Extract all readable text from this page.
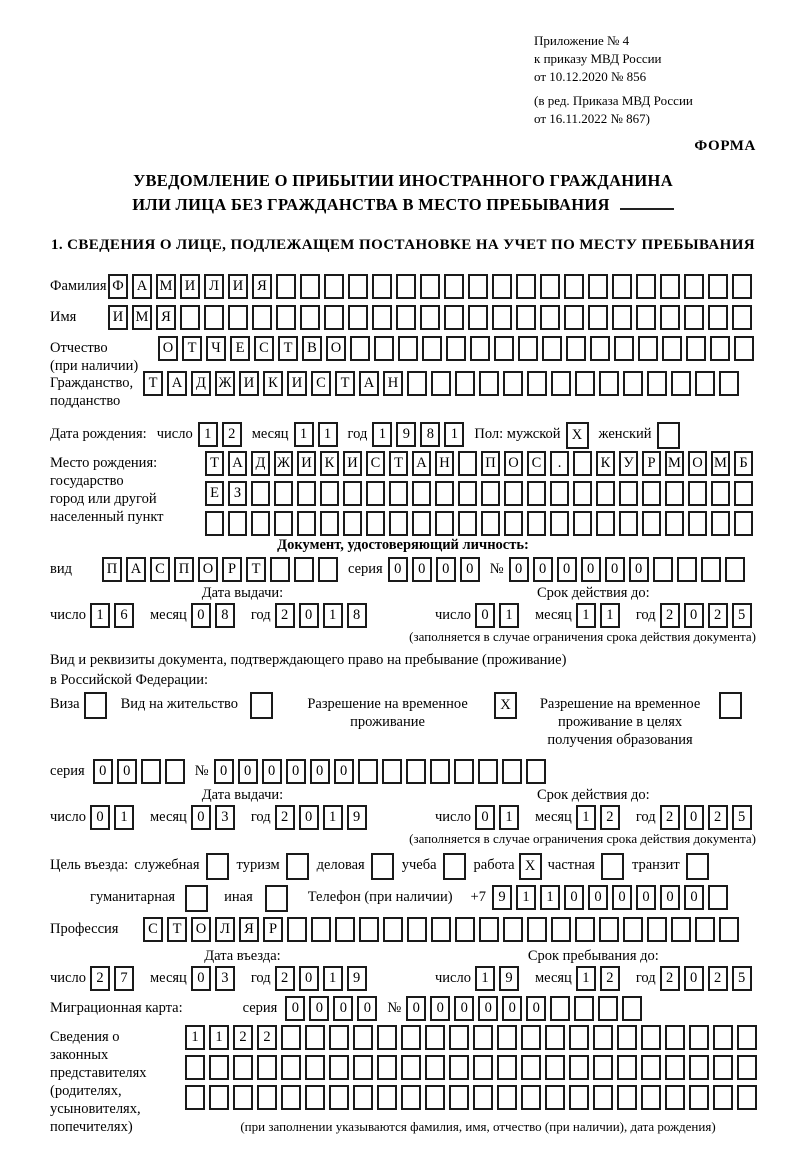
Приложение № 4
к приказу МВД России
от 10.12.2020 № 856
(в ред. Приказа МВД России
от 16.11.2022 № 867)
ФОРМА
УВЕДОМЛЕНИЕ О ПРИБЫТИИ ИНОСТРАННОГО ГРАЖДАНИНА
ИЛИ ЛИЦА БЕЗ ГРАЖДАНСТВА В МЕСТО ПРЕБЫВАНИЯ
1. СВЕДЕНИЯ О ЛИЦЕ, ПОДЛЕЖАЩЕМ ПОСТАНОВКЕ НА УЧЕТ ПО МЕСТУ ПРЕБЫВАНИЯ
Фамилия Ф А М И Л И Я
Имя	И М Я
Отчество
(при наличии)
О Т	Ч	Е	С	Т	В О
Гражданство,
подданство
Т А Д Ж И К И С	Т А Н
Дата рождения: число 1	2	месяц 1	1	год 1	9	8	1	Пол: мужской X	женский
Место рождения:
государство
город или другой
населенный пункт
Т А Д Ж И К И С Т А Н П О С	.	К У Р М О М Б
Е	З
Документ, удостоверяющий личность:
вид	П А С П О	Р	Т	серия 0	0	0	0	№ 0	0	0	0	0	0
Дата выдачи:
число 1	6	месяц 0	8	год 2	0	1	8
Срок действия до:
число 0	1	месяц 1	1	год 2	0	2	5
(заполняется в случае ограничения срока действия документа)
Вид и реквизиты документа, подтверждающего право на пребывание (проживание)
в Российской Федерации:
Виза	Вид на жительство	Разрешение на временное
проживание
X	Разрешение на временное
проживание в целях
получения образования
серия 0	0	№ 0	0	0	0	0	0
Дата выдачи:
число 0	1	месяц 0	3	год 2	0	1	9
Срок действия до:
число 0	1	месяц 1	2	год 2	0	2	5
(заполняется в случае ограничения срока действия документа)
Цель въезда: служебная	туризм	деловая	учеба	работа X частная	транзит
гуманитарная	иная	Телефон (при наличии) +7 9	1	1	0	0	0	0	0	0
Профессия	С	Т О Л Я	Р
Дата въезда:
число 2	7	месяц 0	3	год 2	0	1	9
Срок пребывания до:
число 1	9	месяц 1	2	год 2	0	2	5
Миграционная карта:	серия 0	0	0	0	№ 0	0	0	0	0	0
Сведения о
законных
представителях
(родителях,
усыновителях,
попечителях)
1	1	2	2
(при заполнении указываются фамилия, имя, отчество (при наличии), дата рождения)
